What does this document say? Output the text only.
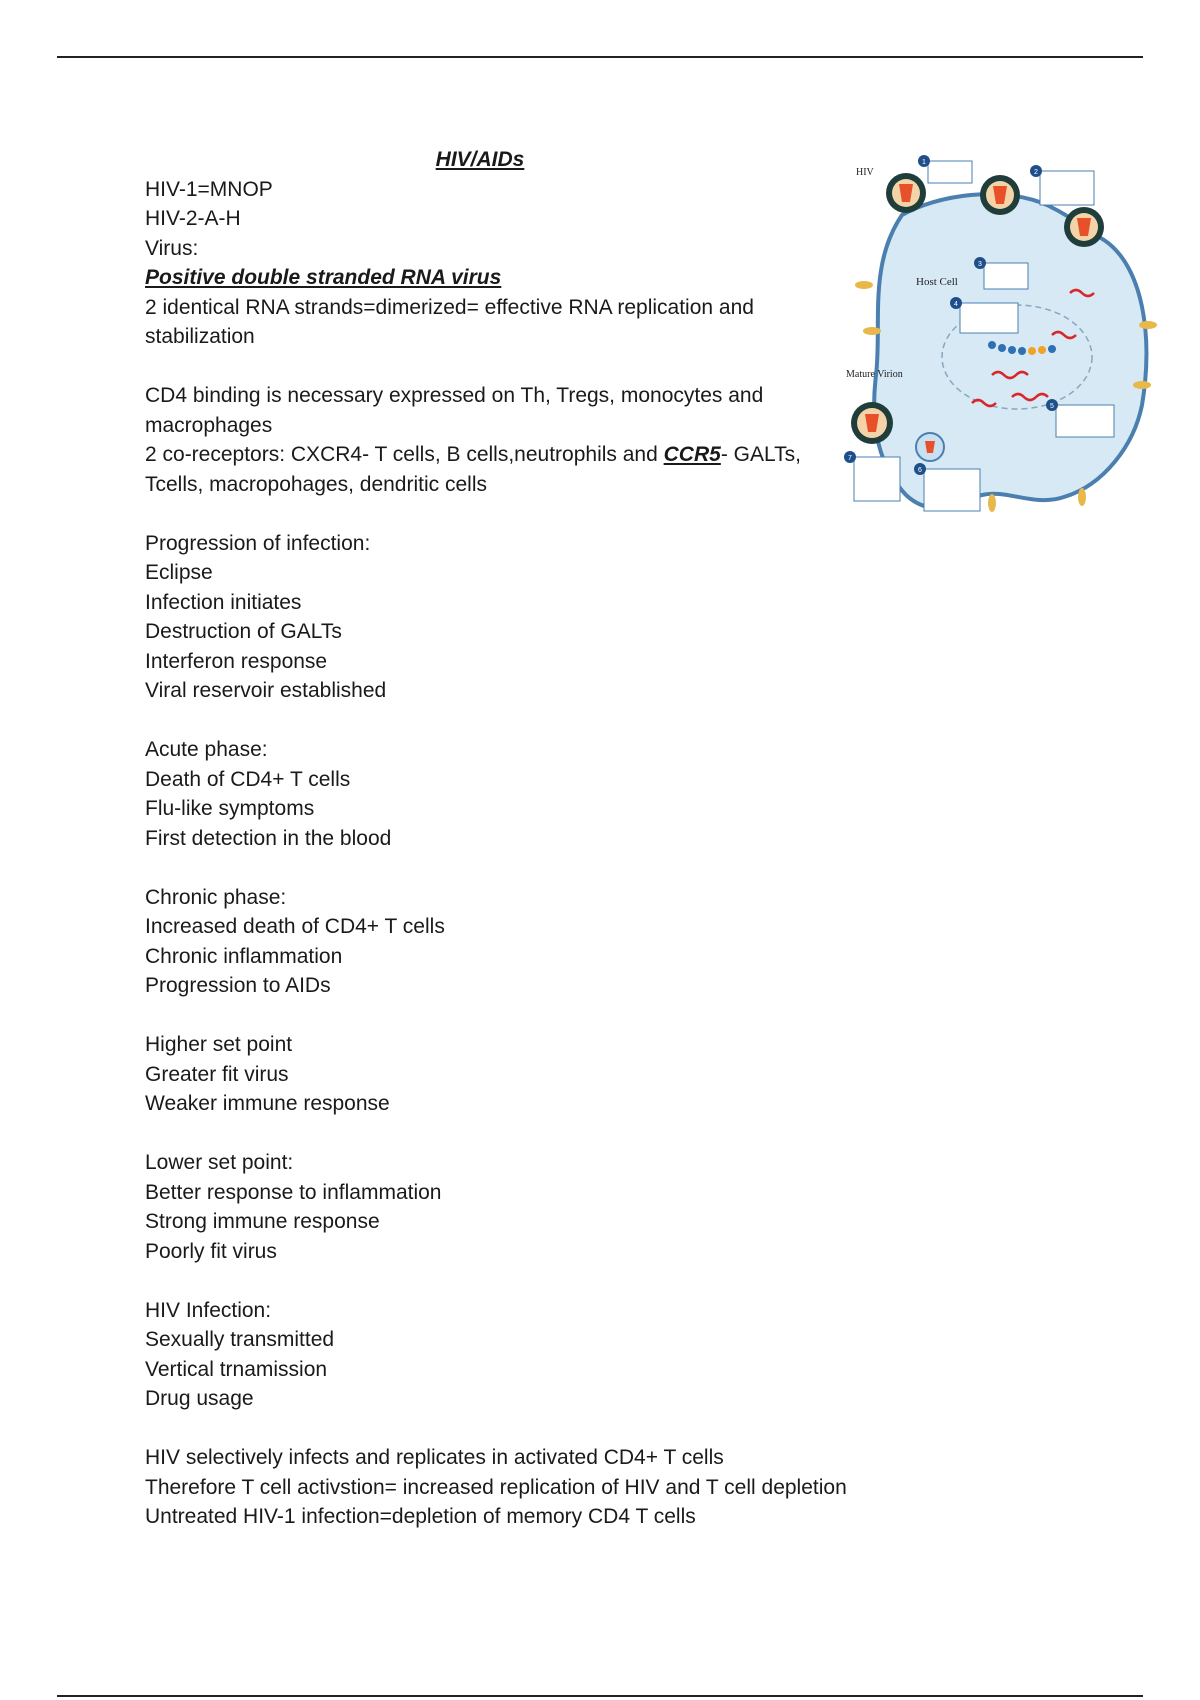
HIV/AIDs
HIV-1=MNOP
HIV-2-A-H
Virus:
Positive double stranded RNA virus
2 identical RNA strands=dimerized= effective RNA replication and stabilization
CD4 binding is necessary expressed on Th, Tregs, monocytes and macrophages
2 co-receptors: CXCR4- T cells, B cells,neutrophils and CCR5- GALTs, Tcells, macropohages, dendritic cells
Progression of infection:
Eclipse
Infection initiates
Destruction of GALTs
Interferon response
Viral reservoir established
Acute phase:
Death of CD4+ T cells
Flu-like symptoms
First detection in the blood
Chronic phase:
Increased death of CD4+ T cells
Chronic inflammation
Progression to AIDs
Higher set point
Greater fit virus
Weaker immune response
Lower set point:
Better response to inflammation
Strong immune response
Poorly fit virus
HIV Infection:
Sexually transmitted
Vertical trnamission
Drug usage
HIV selectively infects and replicates in activated CD4+ T cells
Therefore T cell activstion= increased replication of HIV and T cell depletion
Untreated HIV-1 infection=depletion of memory CD4 T cells
HIV
Host Cell
Mature Virion
1
2
3
4
5
6
7
